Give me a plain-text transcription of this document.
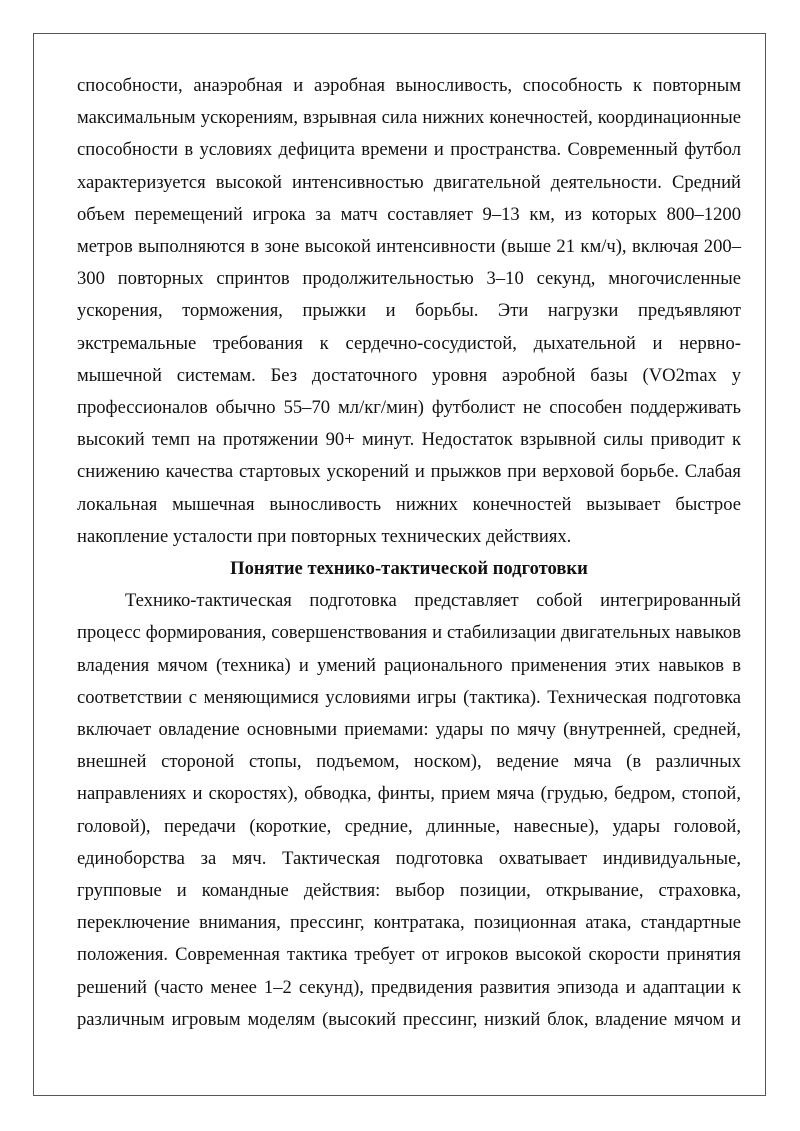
способности, анаэробная и аэробная выносливость, способность к повторным максимальным ускорениям, взрывная сила нижних конечностей, координационные способности в условиях дефицита времени и пространства. Современный футбол характеризуется высокой интенсивностью двигательной деятельности. Средний объем перемещений игрока за матч составляет 9–13 км, из которых 800–1200 метров выполняются в зоне высокой интенсивности (выше 21 км/ч), включая 200–300 повторных спринтов продолжительностью 3–10 секунд, многочисленные ускорения, торможения, прыжки и борьбы. Эти нагрузки предъявляют экстремальные требования к сердечно-сосудистой, дыхательной и нервно-мышечной системам. Без достаточного уровня аэробной базы (VO2max у профессионалов обычно 55–70 мл/кг/мин) футболист не способен поддерживать высокий темп на протяжении 90+ минут. Недостаток взрывной силы приводит к снижению качества стартовых ускорений и прыжков при верховой борьбе. Слабая локальная мышечная выносливость нижних конечностей вызывает быстрое накопление усталости при повторных технических действиях.

Понятие технико-тактической подготовки

Технико-тактическая подготовка представляет собой интегрированный процесс формирования, совершенствования и стабилизации двигательных навыков владения мячом (техника) и умений рационального применения этих навыков в соответствии с меняющимися условиями игры (тактика). Техническая подготовка включает овладение основными приемами: удары по мячу (внутренней, средней, внешней стороной стопы, подъемом, носком), ведение мяча (в различных направлениях и скоростях), обводка, финты, прием мяча (грудью, бедром, стопой, головой), передачи (короткие, средние, длинные, навесные), удары головой, единоборства за мяч. Тактическая подготовка охватывает индивидуальные, групповые и командные действия: выбор позиции, открывание, страховка, переключение внимания, прессинг, контратака, позиционная атака, стандартные положения. Современная тактика требует от игроков высокой скорости принятия решений (часто менее 1–2 секунд), предвидения развития эпизода и адаптации к различным игровым моделям (высокий прессинг, низкий блок, владение мячом и
